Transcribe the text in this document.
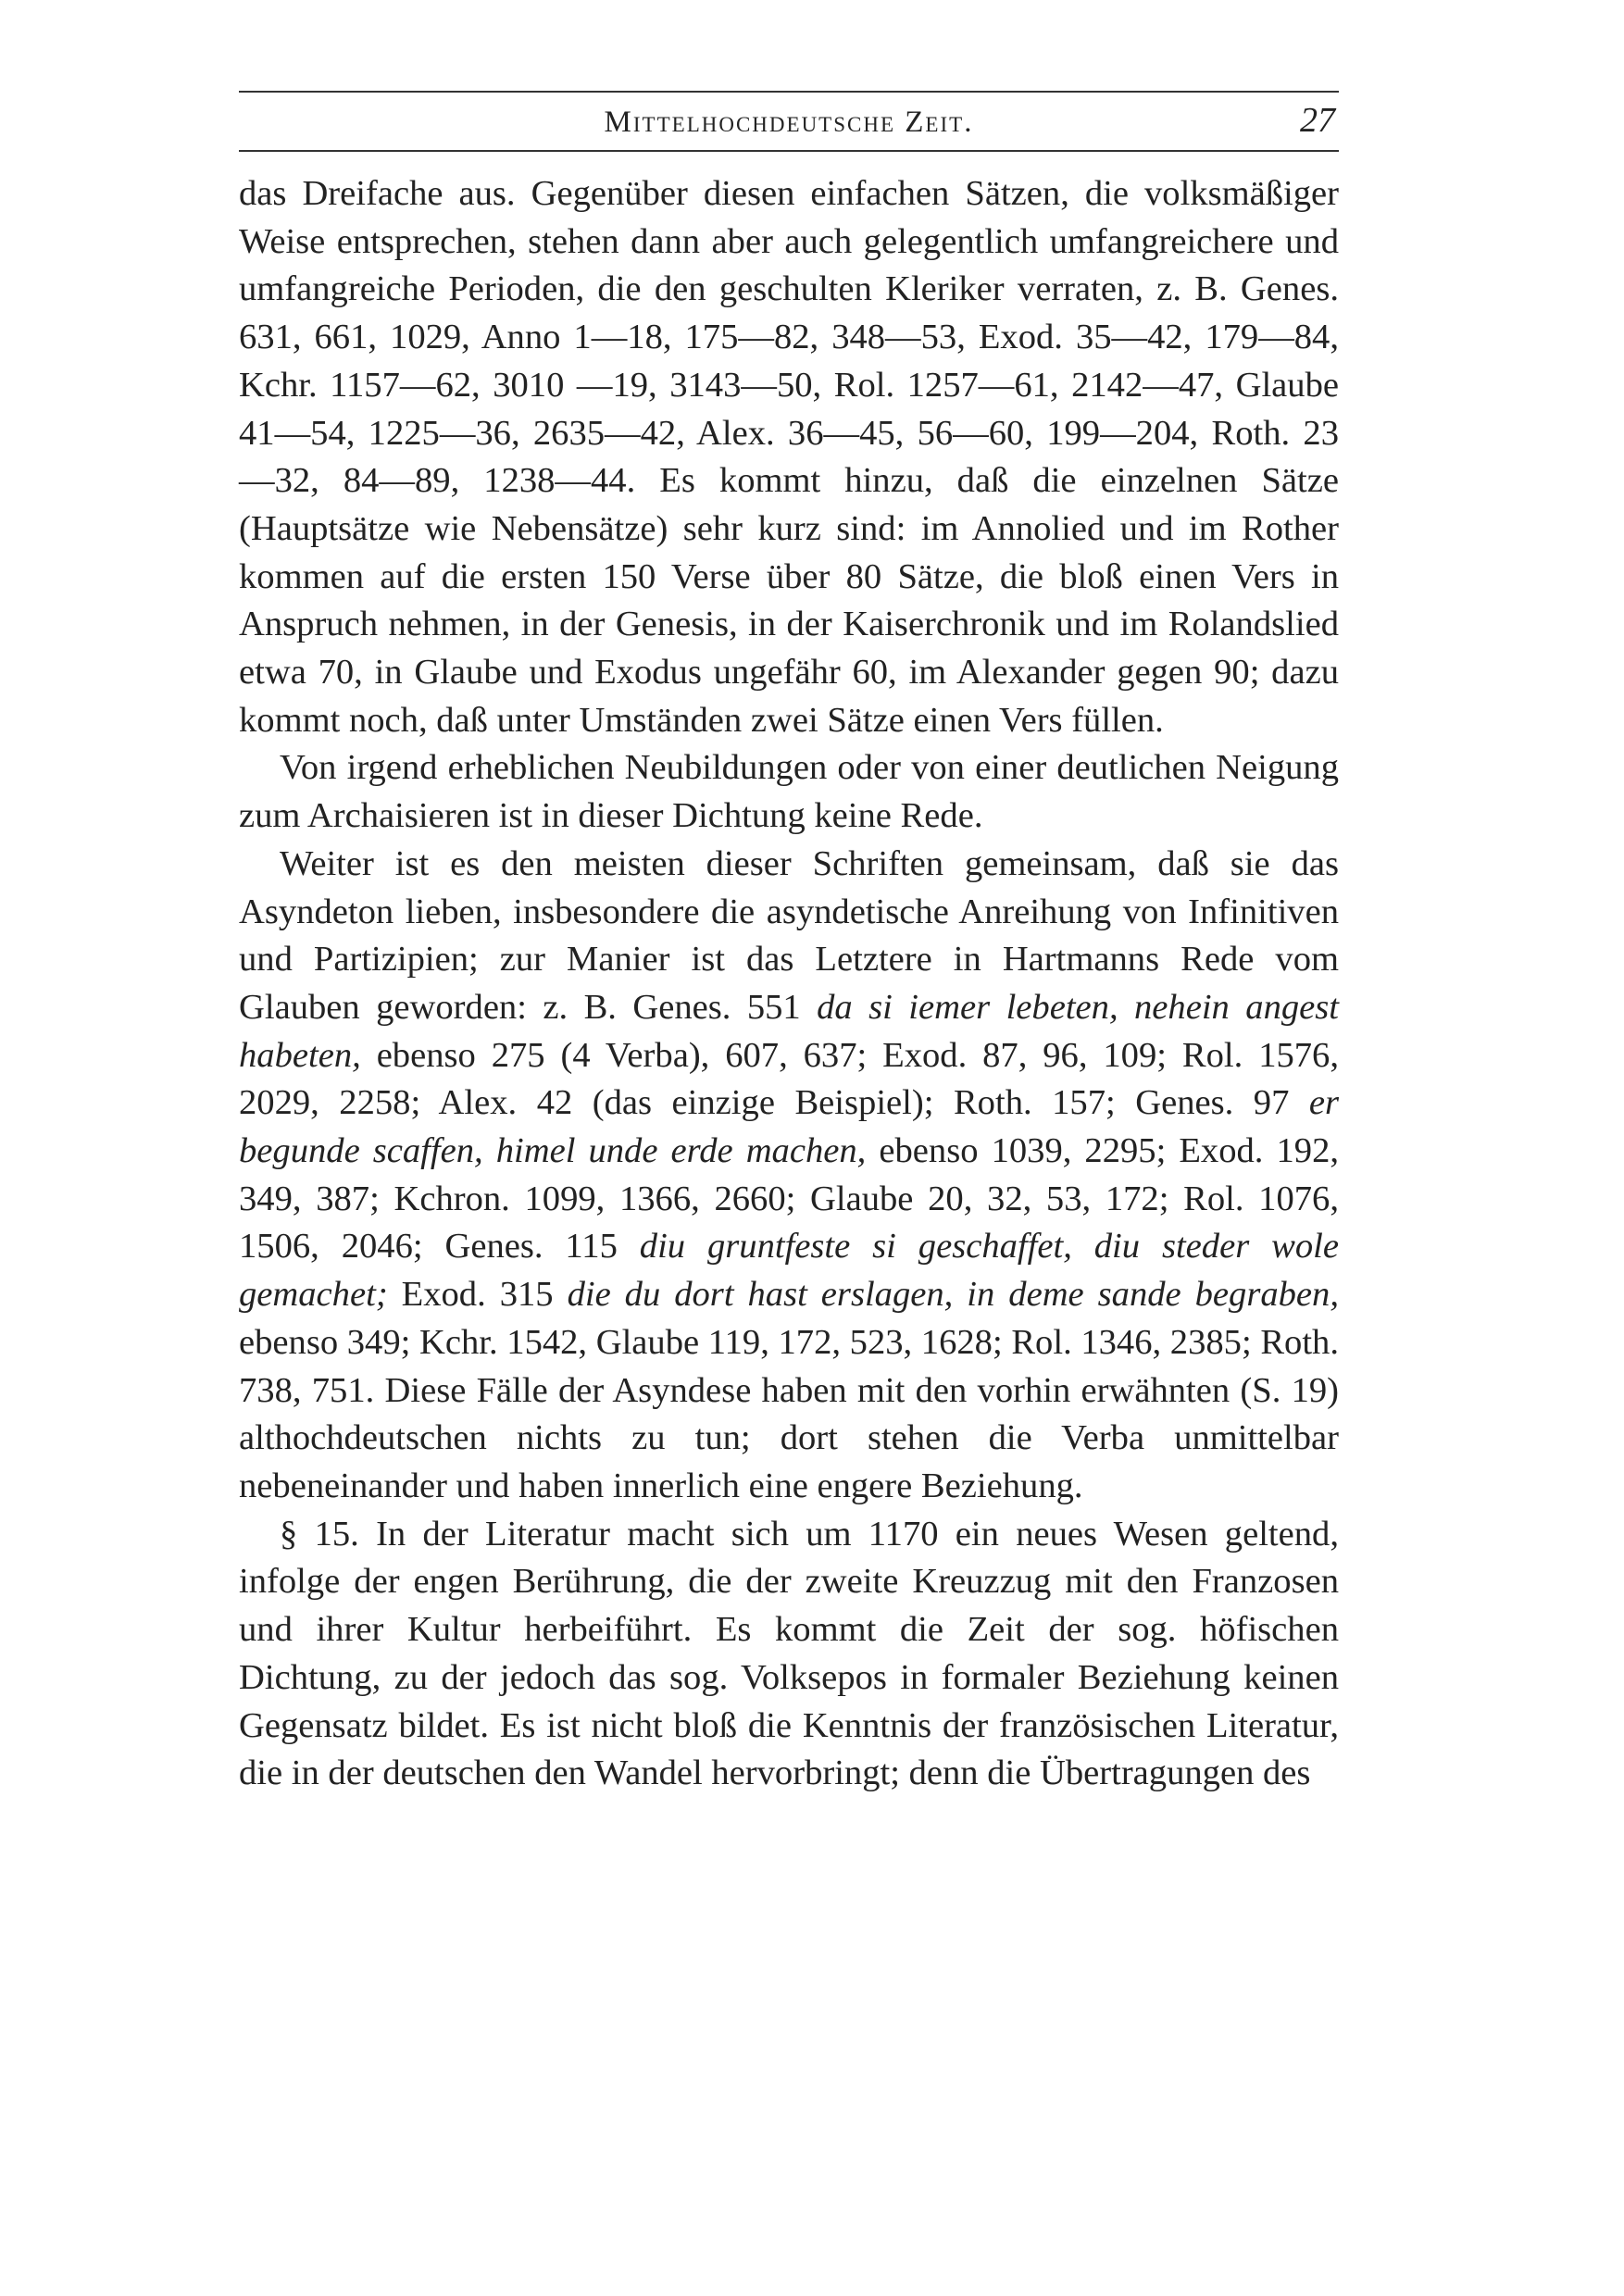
Mittelhochdeutsche Zeit.	27

das Dreifache aus. Gegenüber diesen einfachen Sätzen, die volksmäßiger Weise entsprechen, stehen dann aber auch gelegentlich umfangreichere und umfangreiche Perioden, die den geschulten Kleriker verraten, z. B. Genes. 631, 661, 1029, Anno 1—18, 175—82, 348—53, Exod. 35—42, 179—84, Kchr. 1157—62, 3010 —19, 3143—50, Rol. 1257—61, 2142—47, Glaube 41—54, 1225—36, 2635—42, Alex. 36—45, 56—60, 199—204, Roth. 23 —32, 84—89, 1238—44. Es kommt hinzu, daß die einzelnen Sätze (Hauptsätze wie Nebensätze) sehr kurz sind: im Annolied und im Rother kommen auf die ersten 150 Verse über 80 Sätze, die bloß einen Vers in Anspruch nehmen, in der Genesis, in der Kaiserchronik und im Rolandslied etwa 70, in Glaube und Exodus ungefähr 60, im Alexander gegen 90; dazu kommt noch, daß unter Umständen zwei Sätze einen Vers füllen.

Von irgend erheblichen Neubildungen oder von einer deutlichen Neigung zum Archaisieren ist in dieser Dichtung keine Rede.

Weiter ist es den meisten dieser Schriften gemeinsam, daß sie das Asyndeton lieben, insbesondere die asyndetische Anreihung von Infinitiven und Partizipien; zur Manier ist das Letztere in Hartmanns Rede vom Glauben geworden: z. B. Genes. 551 da si iemer lebeten, nehein angest habeten, ebenso 275 (4 Verba), 607, 637; Exod. 87, 96, 109; Rol. 1576, 2029, 2258; Alex. 42 (das einzige Beispiel); Roth. 157; Genes. 97 er begunde scaffen, himel unde erde machen, ebenso 1039, 2295; Exod. 192, 349, 387; Kchron. 1099, 1366, 2660; Glaube 20, 32, 53, 172; Rol. 1076, 1506, 2046; Genes. 115 diu gruntfeste si geschaffet, diu steder wole gemachet; Exod. 315 die du dort hast erslagen, in deme sande begraben, ebenso 349; Kchr. 1542, Glaube 119, 172, 523, 1628; Rol. 1346, 2385; Roth. 738, 751. Diese Fälle der Asyndese haben mit den vorhin erwähnten (S. 19) althochdeutschen nichts zu tun; dort stehen die Verba unmittelbar nebeneinander und haben innerlich eine engere Beziehung.

§ 15. In der Literatur macht sich um 1170 ein neues Wesen geltend, infolge der engen Berührung, die der zweite Kreuzzug mit den Franzosen und ihrer Kultur herbeiführt. Es kommt die Zeit der sog. höfischen Dichtung, zu der jedoch das sog. Volksepos in formaler Beziehung keinen Gegensatz bildet. Es ist nicht bloß die Kenntnis der französischen Literatur, die in der deutschen den Wandel hervorbringt; denn die Übertragungen des
